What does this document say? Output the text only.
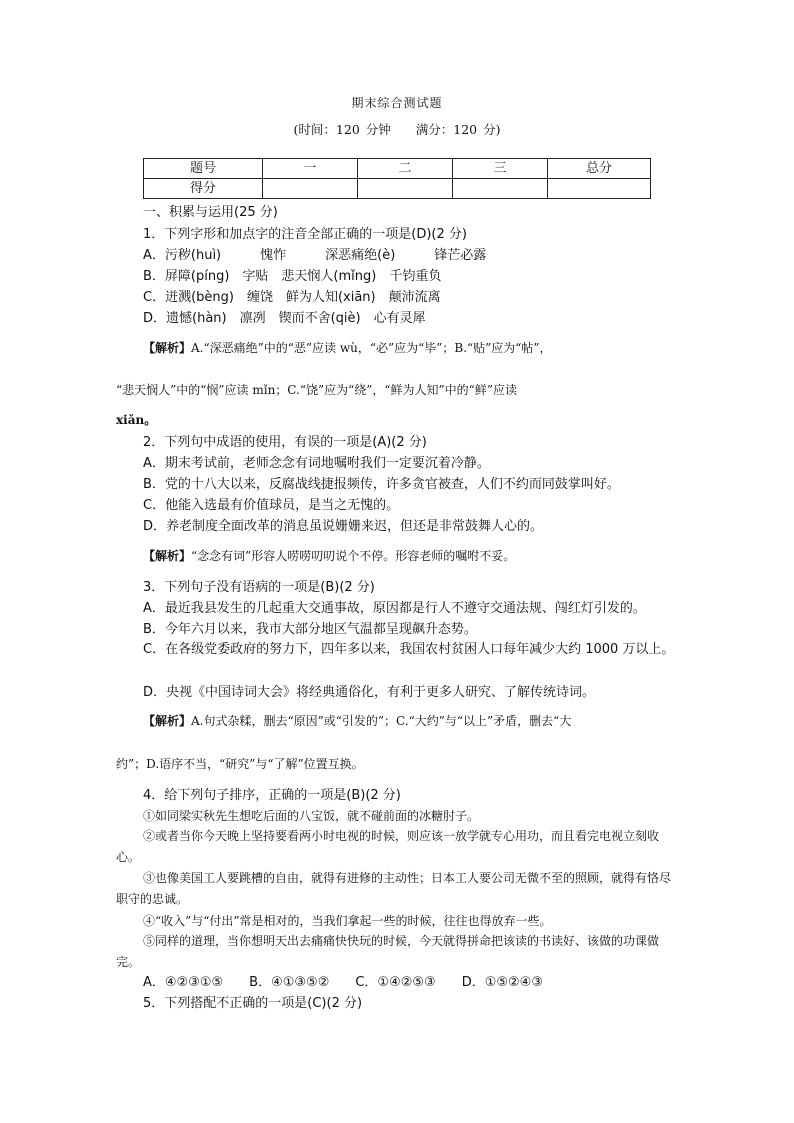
期末综合测试题
(时间：120 分钟　　满分：120 分)
题号	一	二	三	总分
得分				
一、积累与运用(25 分)
1．下列字形和加点字的注音全部正确的一项是(D)(2 分)
A．污秽(huì)　　　愧怍　　　深恶痛绝(è)　　　锋芒必露
B．屏障(píng)　字贴　悲天悯人(mǐng)　千钧重负
C．迸溅(bèng)　缠饶　鲜为人知(xiān)　颠沛流离
D．遗憾(hàn)　凛冽　锲而不舍(qiè)　心有灵犀
【解析】A.“深恶痛绝”中的“恶”应读 wù，“必”应为“毕”；B.“贴”应为“帖”，
“悲天悯人”中的“悯”应读 mǐn；C.“饶”应为“绕”，“鲜为人知”中的“鲜”应读
xiǎn。
2．下列句中成语的使用，有误的一项是(A)(2 分)
A．期末考试前，老师念念有词地嘱咐我们一定要沉着冷静。
B．党的十八大以来，反腐战线捷报频传，许多贪官被查，人们不约而同鼓掌叫好。
C．他能入选最有价值球员，是当之无愧的。
D．养老制度全面改革的消息虽说姗姗来迟，但还是非常鼓舞人心的。
【解析】“念念有词”形容人唠唠叨叨说个不停。形容老师的嘱咐不妥。
3．下列句子没有语病的一项是(B)(2 分)
A．最近我县发生的几起重大交通事故，原因都是行人不遵守交通法规、闯红灯引发的。
B．今年六月以来，我市大部分地区气温都呈现飙升态势。
C．在各级党委政府的努力下，四年多以来，我国农村贫困人口每年减少大约 1000 万以上。
D．央视《中国诗词大会》将经典通俗化，有利于更多人研究、了解传统诗词。
【解析】A.句式杂糅，删去“原因”或“引发的”；C.“大约”与“以上”矛盾，删去“大
约”；D.语序不当，“研究”与“了解”位置互换。
4．给下列句子排序，正确的一项是(B)(2 分)
①如同梁实秋先生想吃后面的八宝饭，就不碰前面的冰糖肘子。
②或者当你今天晚上坚持要看两小时电视的时候，则应该一放学就专心用功，而且看完电视立刻收心。
③也像美国工人要跳槽的自由，就得有进修的主动性；日本工人要公司无微不至的照顾，就得有恪尽职守的忠诚。
④“收入”与“付出”常是相对的，当我们拿起一些的时候，往往也得放弃一些。
⑤同样的道理，当你想明天出去痛痛快快玩的时候，今天就得拼命把该读的书读好、该做的功课做完。
A．④②③①⑤　　B．④①③⑤②　　C．①④②⑤③　　D．①⑤②④③
5．下列搭配不正确的一项是(C)(2 分)
